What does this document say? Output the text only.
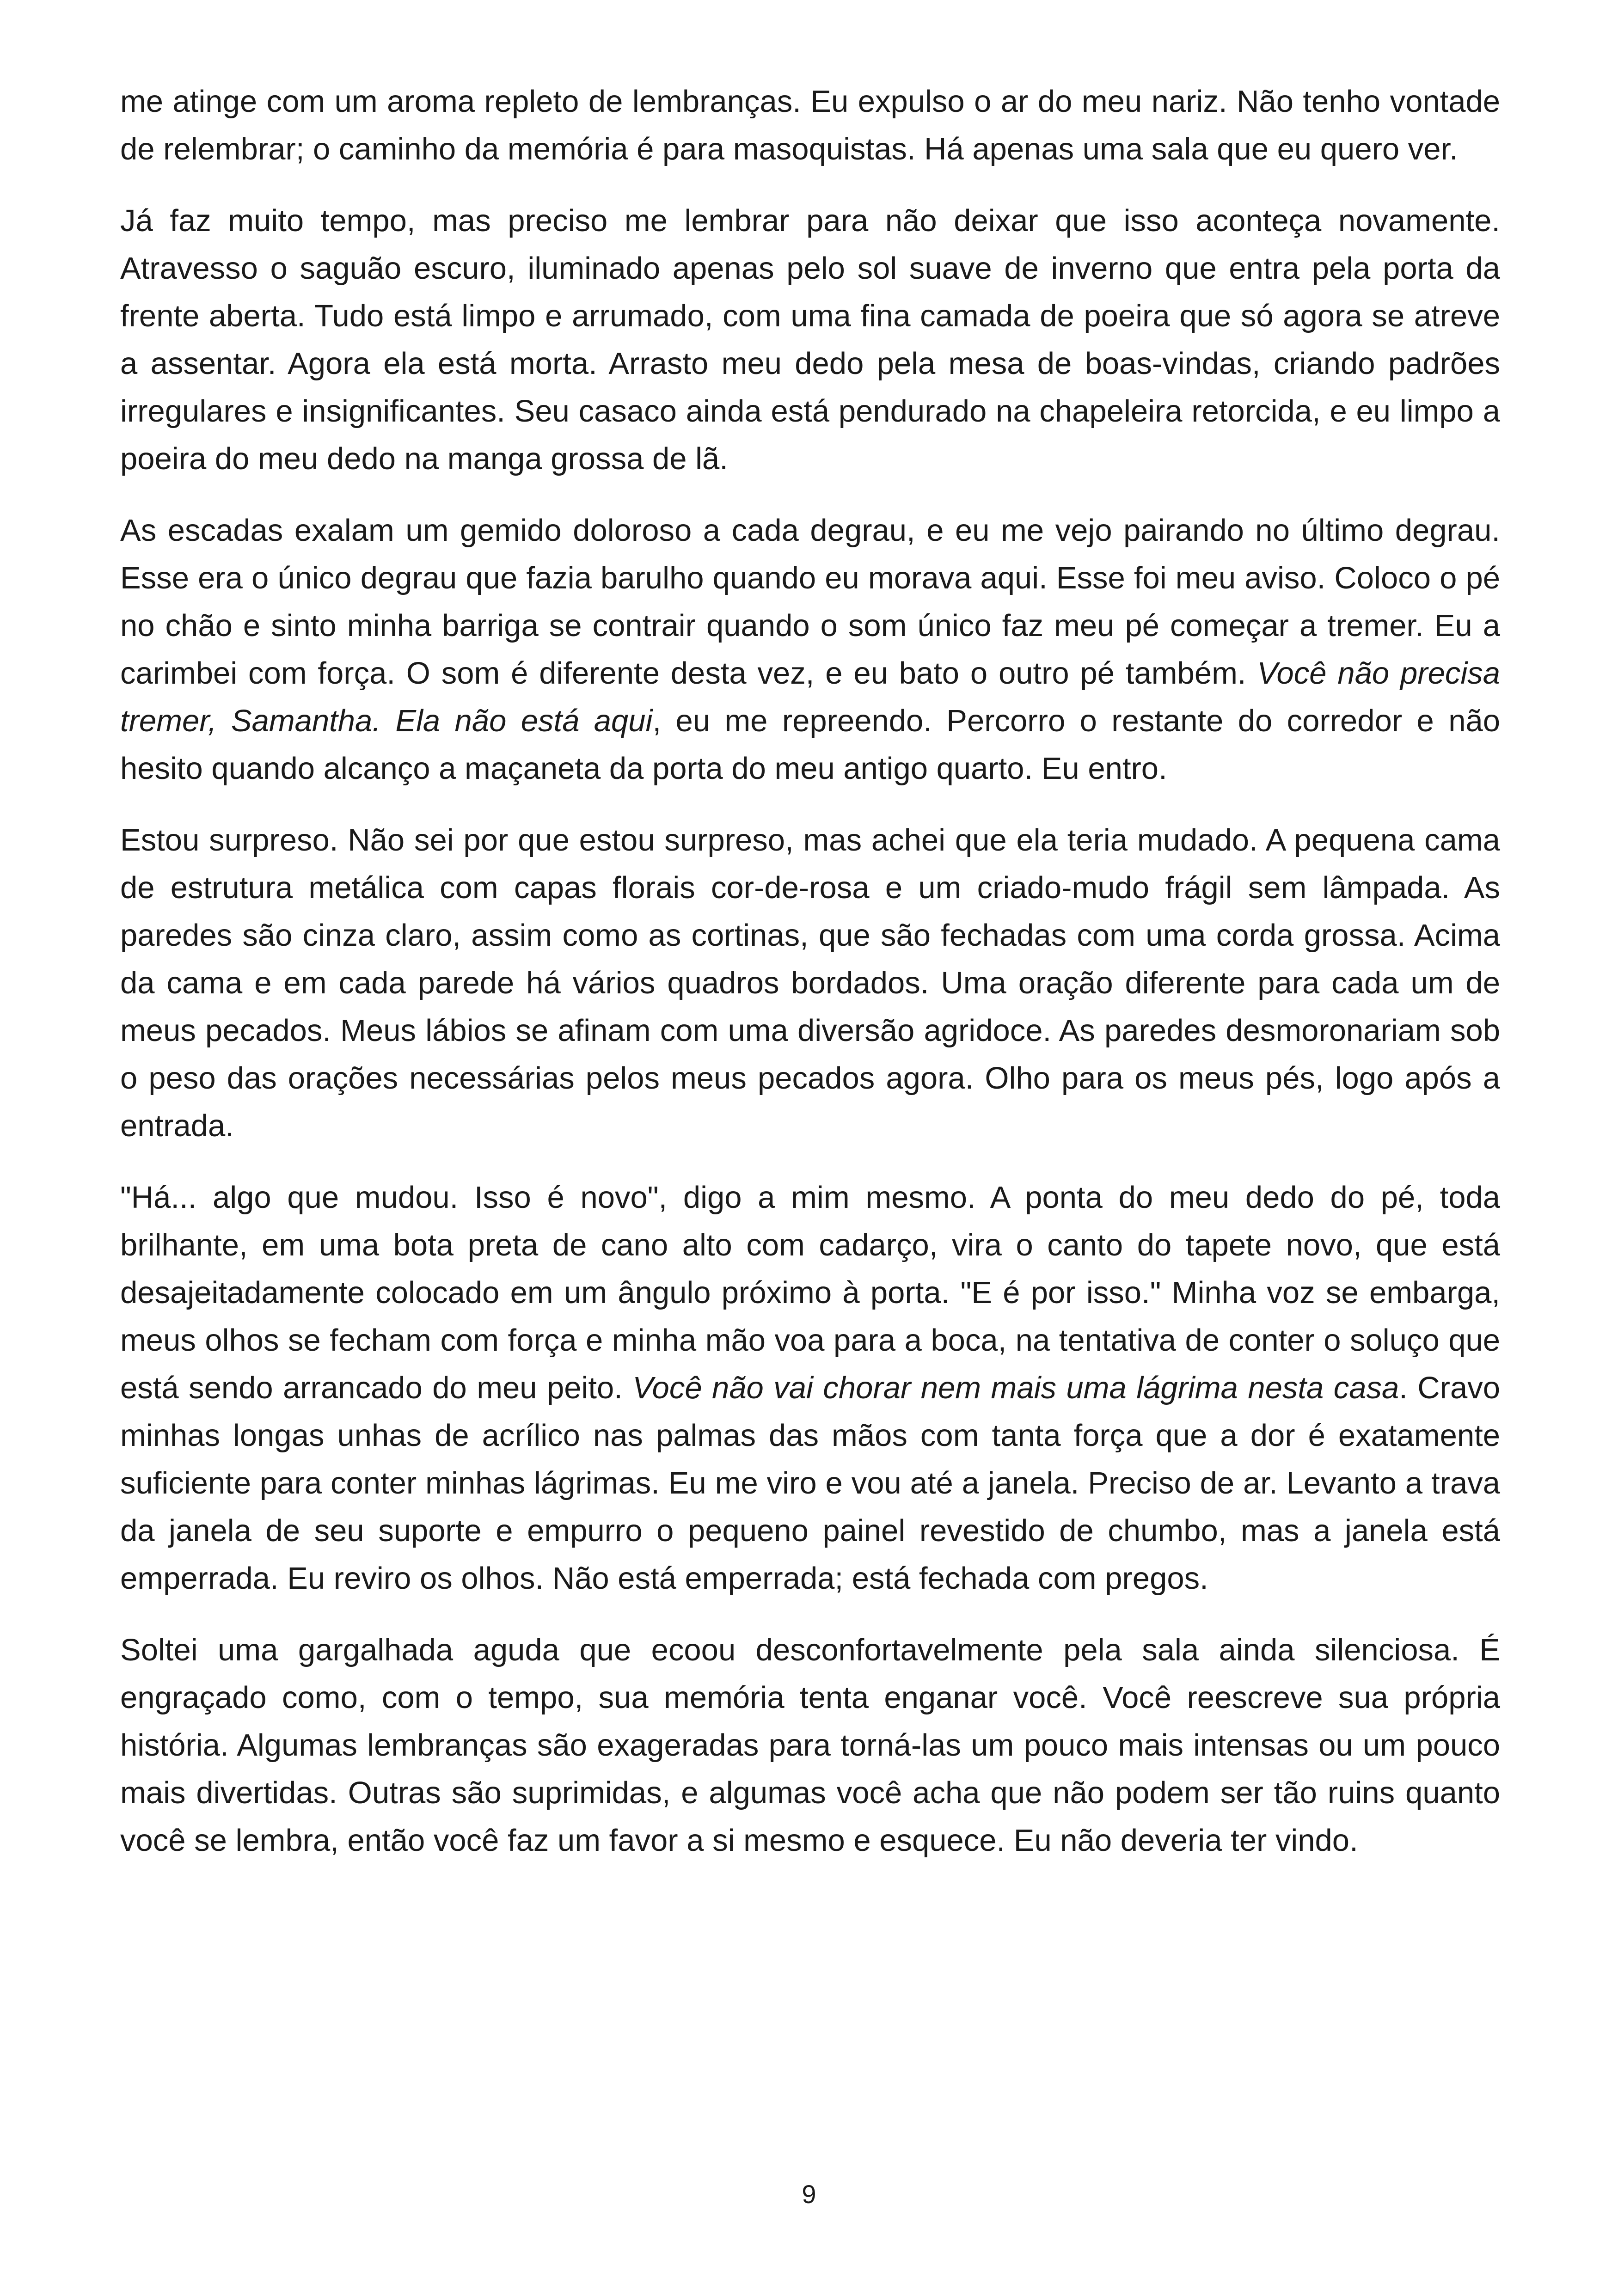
me atinge com um aroma repleto de lembranças. Eu expulso o ar do meu nariz. Não tenho vontade de relembrar; o caminho da memória é para masoquistas. Há apenas uma sala que eu quero ver.

Já faz muito tempo, mas preciso me lembrar para não deixar que isso aconteça novamente. Atravesso o saguão escuro, iluminado apenas pelo sol suave de inverno que entra pela porta da frente aberta. Tudo está limpo e arrumado, com uma fina camada de poeira que só agora se atreve a assentar. Agora ela está morta. Arrasto meu dedo pela mesa de boas-vindas, criando padrões irregulares e insignificantes. Seu casaco ainda está pendurado na chapeleira retorcida, e eu limpo a poeira do meu dedo na manga grossa de lã.

As escadas exalam um gemido doloroso a cada degrau, e eu me vejo pairando no último degrau. Esse era o único degrau que fazia barulho quando eu morava aqui. Esse foi meu aviso. Coloco o pé no chão e sinto minha barriga se contrair quando o som único faz meu pé começar a tremer. Eu a carimbei com força. O som é diferente desta vez, e eu bato o outro pé também. Você não precisa tremer, Samantha. Ela não está aqui, eu me repreendo. Percorro o restante do corredor e não hesito quando alcanço a maçaneta da porta do meu antigo quarto. Eu entro.

Estou surpreso. Não sei por que estou surpreso, mas achei que ela teria mudado. A pequena cama de estrutura metálica com capas florais cor-de-rosa e um criado-mudo frágil sem lâmpada. As paredes são cinza claro, assim como as cortinas, que são fechadas com uma corda grossa. Acima da cama e em cada parede há vários quadros bordados. Uma oração diferente para cada um de meus pecados. Meus lábios se afinam com uma diversão agridoce. As paredes desmoronariam sob o peso das orações necessárias pelos meus pecados agora. Olho para os meus pés, logo após a entrada.

"Há... algo que mudou. Isso é novo", digo a mim mesmo. A ponta do meu dedo do pé, toda brilhante, em uma bota preta de cano alto com cadarço, vira o canto do tapete novo, que está desajeitadamente colocado em um ângulo próximo à porta. "E é por isso." Minha voz se embarga, meus olhos se fecham com força e minha mão voa para a boca, na tentativa de conter o soluço que está sendo arrancado do meu peito. Você não vai chorar nem mais uma lágrima nesta casa. Cravo minhas longas unhas de acrílico nas palmas das mãos com tanta força que a dor é exatamente suficiente para conter minhas lágrimas. Eu me viro e vou até a janela. Preciso de ar. Levanto a trava da janela de seu suporte e empurro o pequeno painel revestido de chumbo, mas a janela está emperrada. Eu reviro os olhos. Não está emperrada; está fechada com pregos.

Soltei uma gargalhada aguda que ecoou desconfortavelmente pela sala ainda silenciosa. É engraçado como, com o tempo, sua memória tenta enganar você. Você reescreve sua própria história. Algumas lembranças são exageradas para torná-las um pouco mais intensas ou um pouco mais divertidas. Outras são suprimidas, e algumas você acha que não podem ser tão ruins quanto você se lembra, então você faz um favor a si mesmo e esquece. Eu não deveria ter vindo.

9
